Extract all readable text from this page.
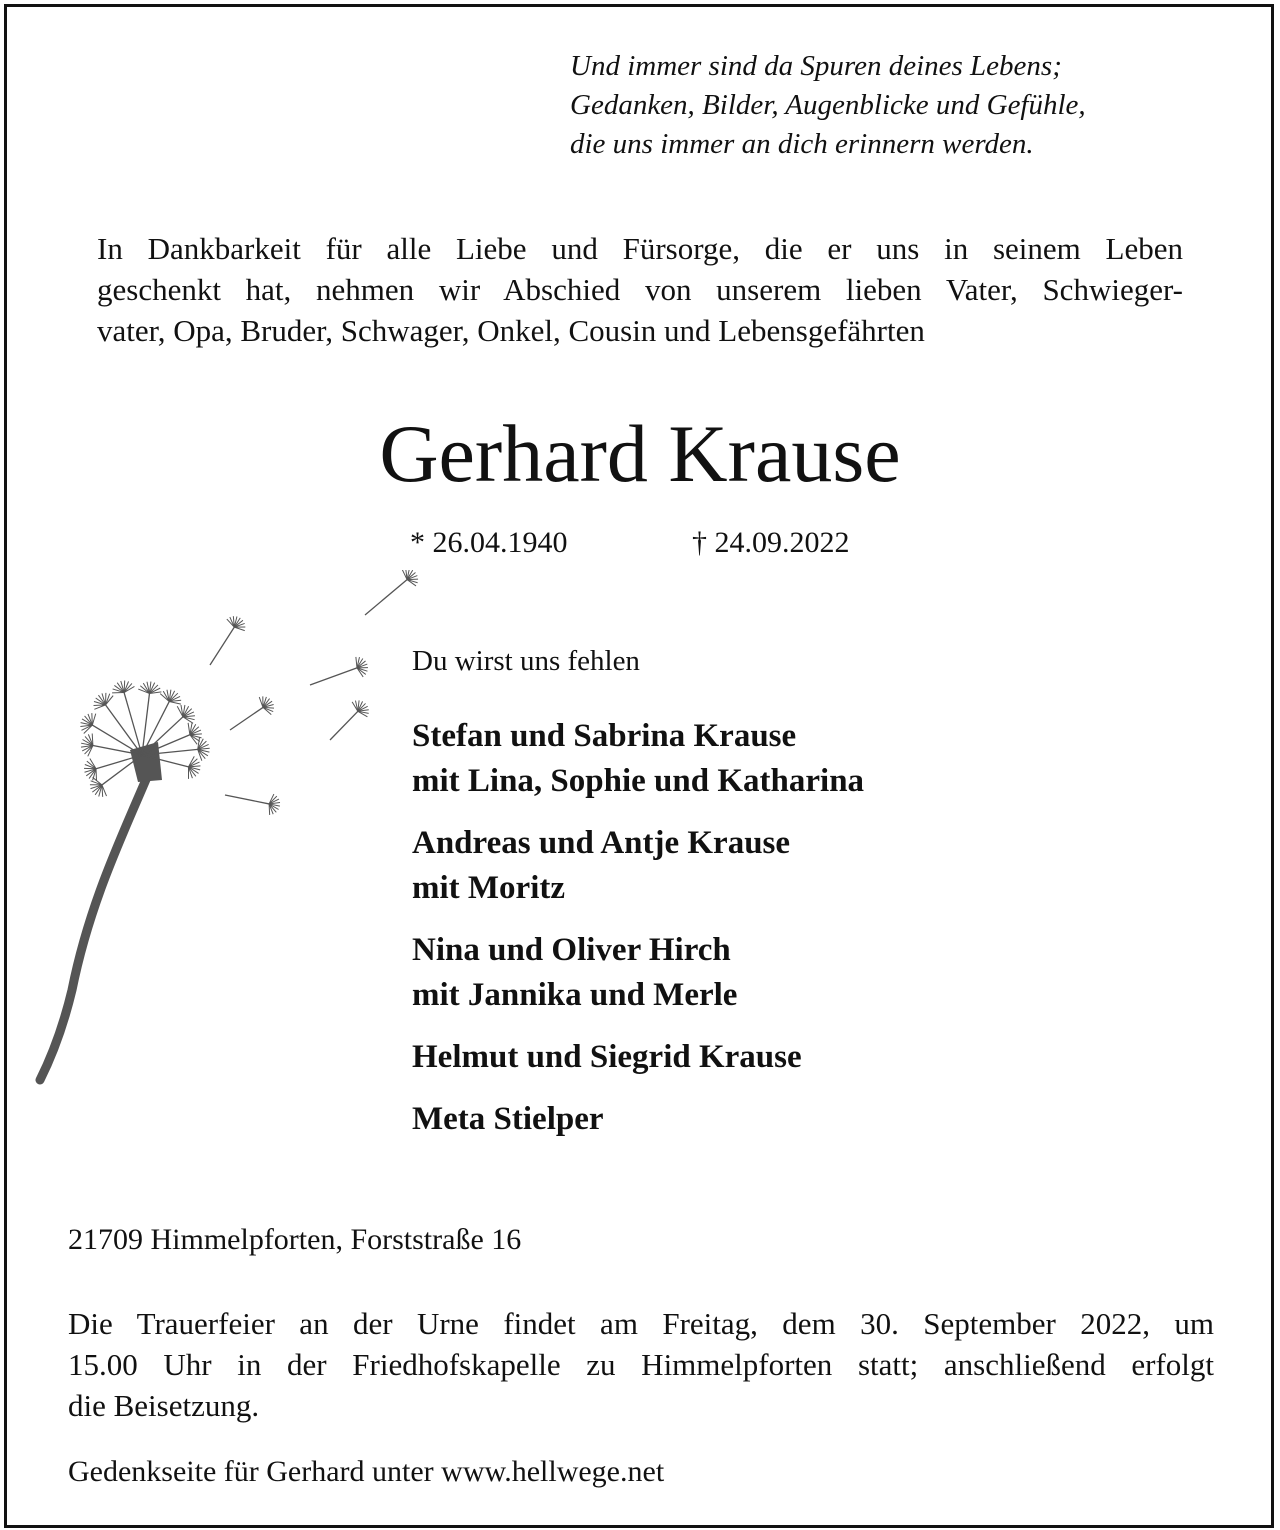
Und immer sind da Spuren deines Lebens;
Gedanken, Bilder, Augenblicke und Gefühle,
die uns immer an dich erinnern werden.
In Dankbarkeit für alle Liebe und Fürsorge, die er uns in seinem Leben
geschenkt hat, nehmen wir Abschied von unserem lieben Vater, Schwieger-
vater, Opa, Bruder, Schwager, Onkel, Cousin und Lebensgefährten
Gerhard Krause
* 26.04.1940	† 24.09.2022
Du wirst uns fehlen
Stefan und Sabrina Krause
mit Lina, Sophie und Katharina
Andreas und Antje Krause
mit Moritz
Nina und Oliver Hirch
mit Jannika und Merle
Helmut und Siegrid Krause
Meta Stielper
21709 Himmelpforten, Forststraße 16
Die Trauerfeier an der Urne findet am Freitag, dem 30. September 2022, um
15.00 Uhr in der Friedhofskapelle zu Himmelpforten statt; anschließend erfolgt
die Beisetzung.
Gedenkseite für Gerhard unter www.hellwege.net
